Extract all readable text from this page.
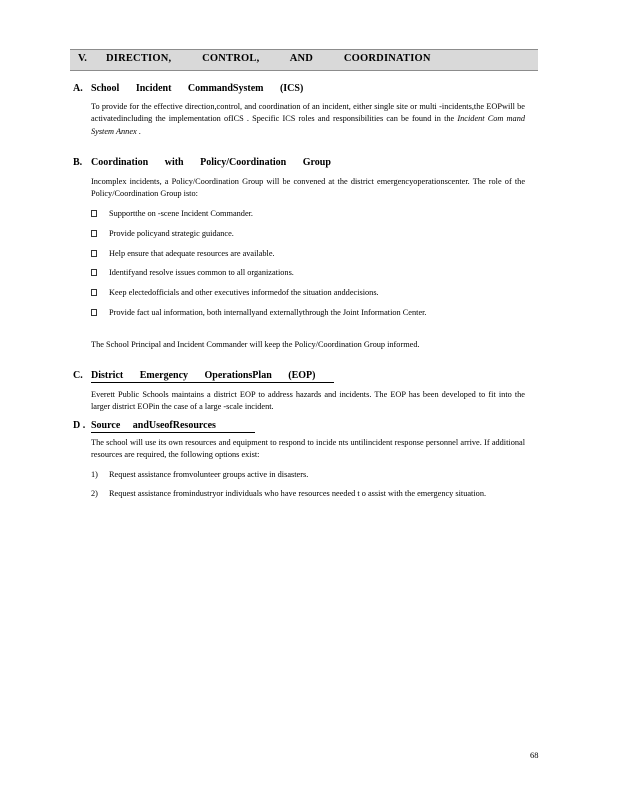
V. DIRECTION, CONTROL, AND COORDINATION
A. School Incident CommandSystem (ICS)
To provide for the effective direction,control, and coordination of an incident, either single site or multi -incidents,the EOPwill be activatedincluding the implementation ofICS . Specific ICS roles and responsibilities can be found in the Incident Com mand System Annex .
B. Coordination with Policy/Coordination Group
Incomplex incidents, a Policy/Coordination Group will be convened at the district emergencyoperationscenter. The role of the Policy/Coordination Group isto:
Supportthe on -scene Incident Commander.
Provide policyand strategic guidance.
Help ensure that adequate resources are available.
Identifyand resolve issues common to all organizations.
Keep electedofficials and other executives informedof the situation anddecisions.
Provide fact ual information, both internallyand externallythrough the Joint Information Center.
The School Principal and Incident Commander will keep the Policy/Coordination Group informed.
C. District Emergency OperationsPlan (EOP)
Everett Public Schools maintains a district EOP to address hazards and incidents. The EOP has been developed to fit into the larger district EOPin the case of a large -scale incident.
D . Source andUseofResources
The school will use its own resources and equipment to respond to incide nts untilincident response personnel arrive. If additional resources are required, the following options exist:
1) Request assistance fromvolunteer groups active in disasters.
2) Request assistance fromindustryor individuals who have resources needed t o assist with the emergency situation.
68
